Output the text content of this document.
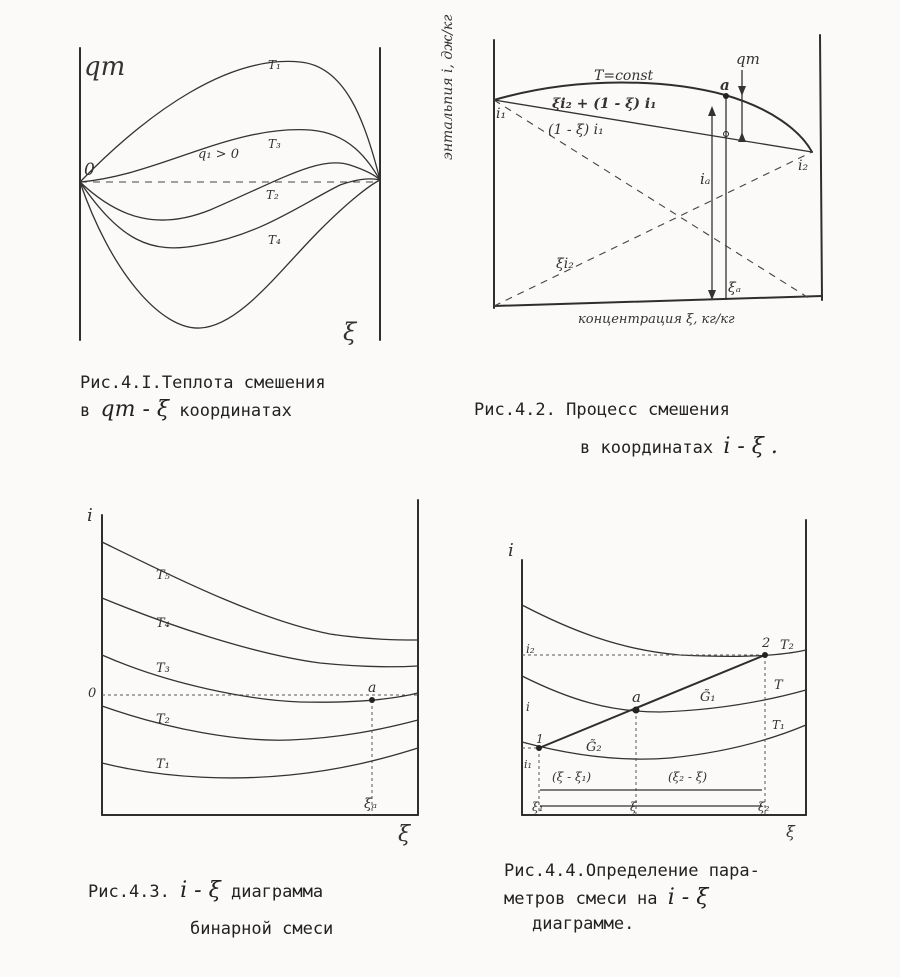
qт
0
T₁
T₃
T₂
T₄
q₁ > 0
ξ
Рис.4.I.Теплота смешения
в qт - ξ координатах
энтальпия i, дж/кг	T=const
ξi₂ + (1 - ξ) i₁
(1 - ξ) i₁
ξi₂
a
qт
i₁
i₂
iₐ
ξₐ
концентрация ξ, кг/кг
Рис.4.2. Процесс смешения
в координатах i - ξ .
i
0
T₅
T₄
T₃
T₂
T₁
a
ξₐ
ξ
Рис.4.3. i - ξ диаграмма
бинарной смеси
i
i₂
i
i₁
T₂
T
T₁
1
2
a	G̃₁
G̃₂
(ξ - ξ₁)	(ξ₂ - ξ)
ξ₁	ξ	ξ₂
ξ
Рис.4.4.Определение пара-
метров смеси на i - ξ
диаграмме.
